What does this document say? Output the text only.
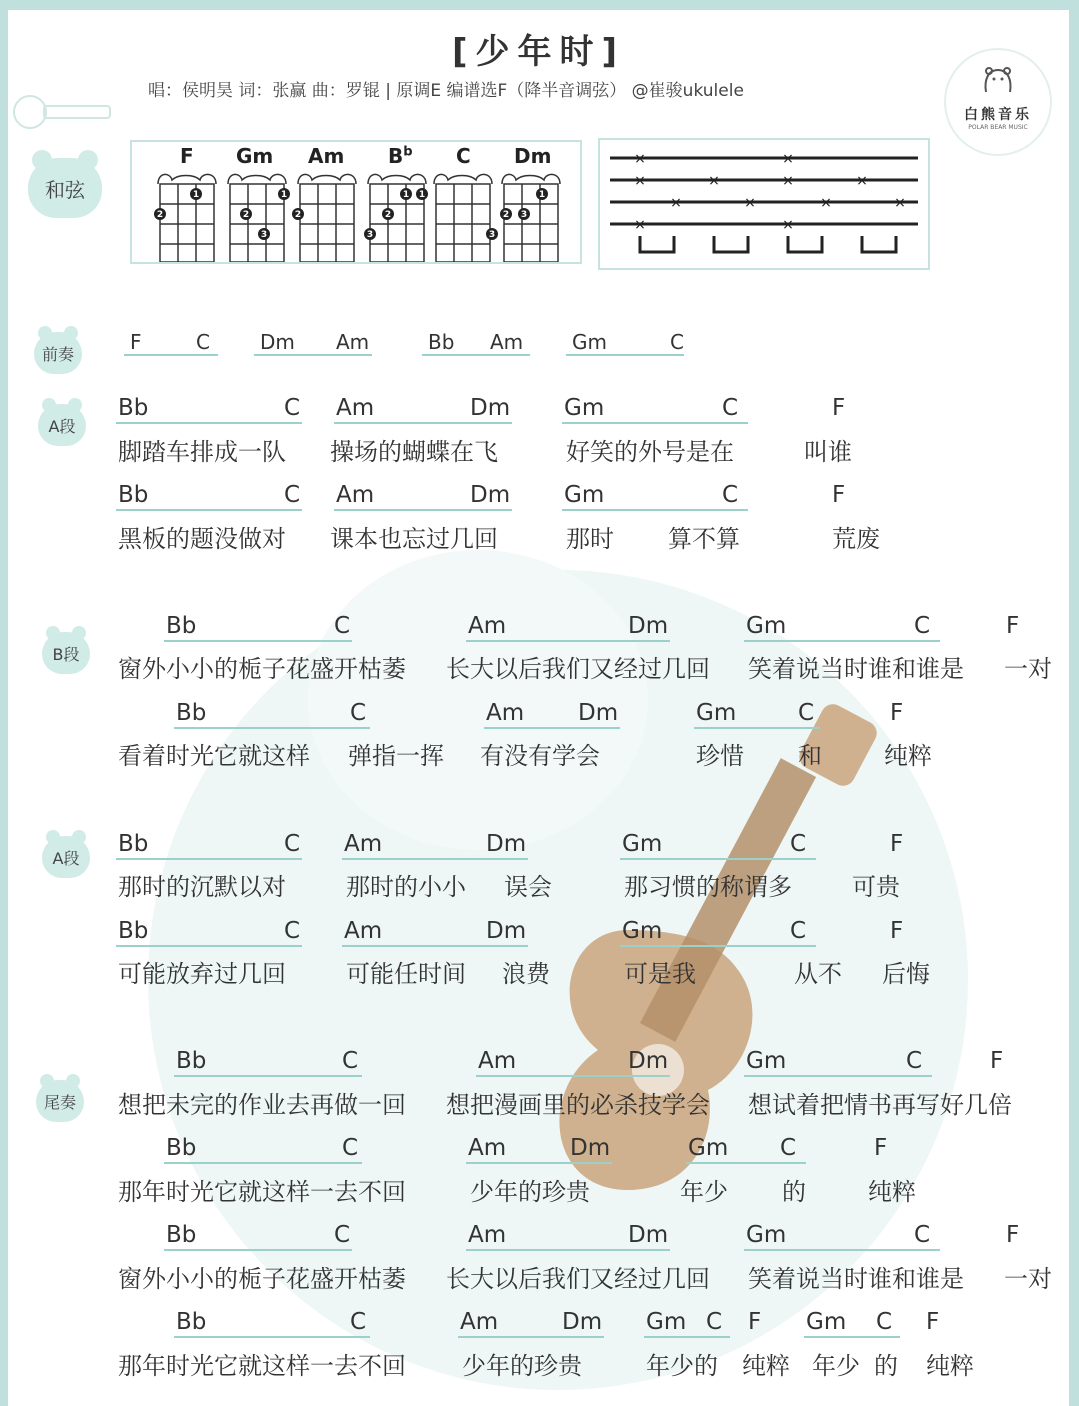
[少年时]
唱：侯明昊 词：张赢 曲：罗锟 | 原调E 编谱选F（降半音调弦） @崔骏ukulele
白熊音乐
POLAR BEAR MUSIC
和弦
F Gm Am $B^b$ C Dm
1
2
1
2
3
2
1 1
2
3	3
1
2 3
×	×
×	×	×	×
×	×	×	×
×	×
前奏	F	C	Dm Am	Bb Am Gm	C
A段
Bb	C Am	Dm Gm	C	F
脚踏车排成一队 操场的蝴蝶在飞	好笑的外号是在	叫谁
Bb	C Am	Dm Gm	C	F
黑板的题没做对 课本也忘过几回	那时 算不算	荒废
B段
Bb	C	Am	Dm	Gm	C	F
窗外小小的栀子花盛开枯萎 长大以后我们又经过几回 笑着说当时谁和谁是 一对
Bb	C	Am Dm	Gm	C	F
看着时光它就这样 弹指一挥 有没有学会	珍惜 和	纯粹
A段
Bb	C Am	Dm	Gm	C	F
那时的沉默以对	那时的小小 误会	那习惯的称谓多	可贵
Bb	C Am	Dm	Gm	C	F
可能放弃过几回	可能任时间 浪费	可是我	从不 后悔
尾奏
Bb	C	Am	Dm	Gm	C	F
想把未完的作业去再做一回 想把漫画里的必杀技学会 想试着把情书再写好几倍
Bb	C	Am	Dm	Gm C	F
那年时光它就这样一去不回	少年的珍贵	年少 的	纯粹
Bb	C	Am	Dm	Gm	C	F
窗外小小的栀子花盛开枯萎 长大以后我们又经过几回 笑着说当时谁和谁是 一对
Bb	C	Am	Dm Gm C F Gm C F
那年时光它就这样一去不回 少年的珍贵	年少的 纯粹 年少 的 纯粹
